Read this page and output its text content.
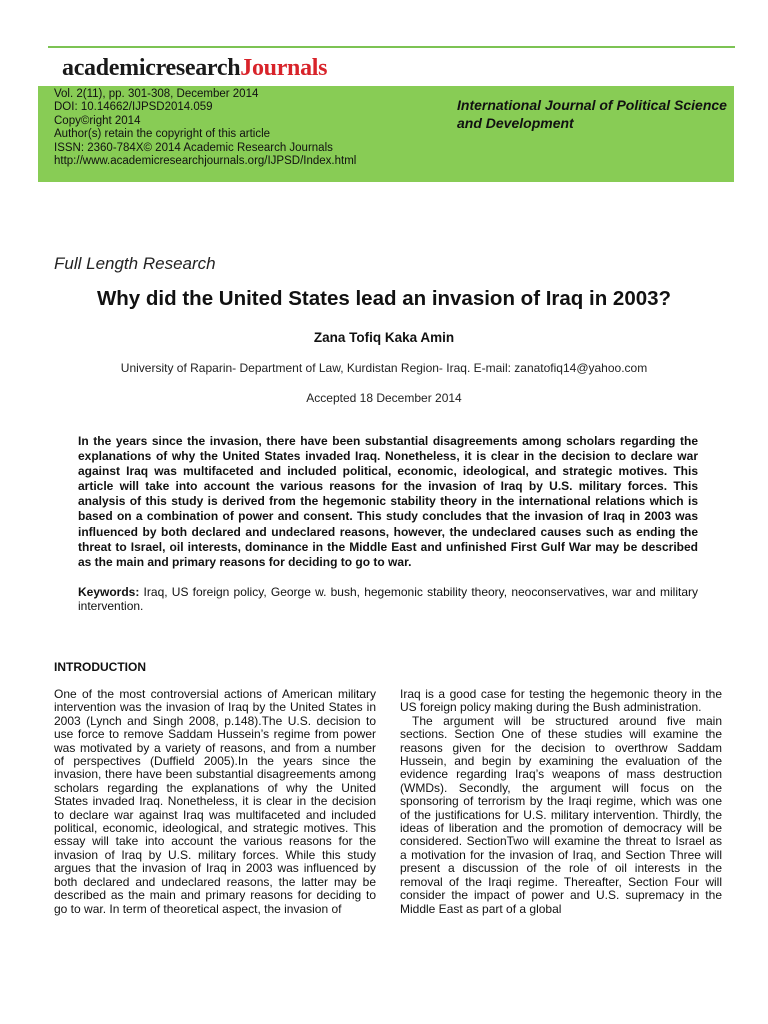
academicresearchJournals
Vol. 2(11), pp. 301-308, December 2014
DOI: 10.14662/IJPSD2014.059
Copy©right 2014
Author(s) retain the copyright of this article
ISSN: 2360-784X© 2014 Academic Research Journals
http://www.academicresearchjournals.org/IJPSD/Index.html
International Journal of Political Science and Development
Full Length Research
Why did the United States lead an invasion of Iraq in 2003?
Zana Tofiq Kaka Amin
University of Raparin- Department of Law, Kurdistan Region- Iraq. E-mail: zanatofiq14@yahoo.com
Accepted 18 December 2014
In the years since the invasion, there have been substantial disagreements among scholars regarding the explanations of why the United States invaded Iraq. Nonetheless, it is clear in the decision to declare war against Iraq was multifaceted and included political, economic, ideological, and strategic motives. This article will take into account the various reasons for the invasion of Iraq by U.S. military forces. This analysis of this study is derived from the hegemonic stability theory in the international relations which is based on a combination of power and consent. This study concludes that the invasion of Iraq in 2003 was influenced by both declared and undeclared reasons, however, the undeclared causes such as ending the threat to Israel, oil interests, dominance in the Middle East and unfinished First Gulf War may be described as the main and primary reasons for deciding to go to war.
Keywords: Iraq, US foreign policy, George w. bush, hegemonic stability theory, neoconservatives, war and military intervention.
INTRODUCTION

One of the most controversial actions of American military intervention was the invasion of Iraq by the United States in 2003 (Lynch and Singh 2008, p.148).The U.S. decision to use force to remove Saddam Hussein’s regime from power was motivated by a variety of reasons, and from a number of perspectives (Duffield 2005).In the years since the invasion, there have been substantial disagreements among scholars regarding the explanations of why the United States invaded Iraq. Nonetheless, it is clear in the decision to declare war against Iraq was multifaceted and included political, economic, ideological, and strategic motives. This essay will take into account the various reasons for the invasion of Iraq by U.S. military forces. While this study argues that the invasion of Iraq in 2003 was influenced by both declared and undeclared reasons, the latter may be described as the main and primary reasons for deciding to go to war. In term of theoretical aspect, the invasion of

Iraq is a good case for testing the hegemonic theory in the US foreign policy making during the Bush administration.

The argument will be structured around five main sections. Section One of these studies will examine the reasons given for the decision to overthrow Saddam Hussein, and begin by examining the evaluation of the evidence regarding Iraq’s weapons of mass destruction (WMDs). Secondly, the argument will focus on the sponsoring of terrorism by the Iraqi regime, which was one of the justifications for U.S. military intervention. Thirdly, the ideas of liberation and the promotion of democracy will be considered. SectionTwo will examine the threat to Israel as a motivation for the invasion of Iraq, and Section Three will present a discussion of the role of oil interests in the removal of the Iraqi regime. Thereafter, Section Four will consider the impact of power and U.S. supremacy in the Middle East as part of a global
